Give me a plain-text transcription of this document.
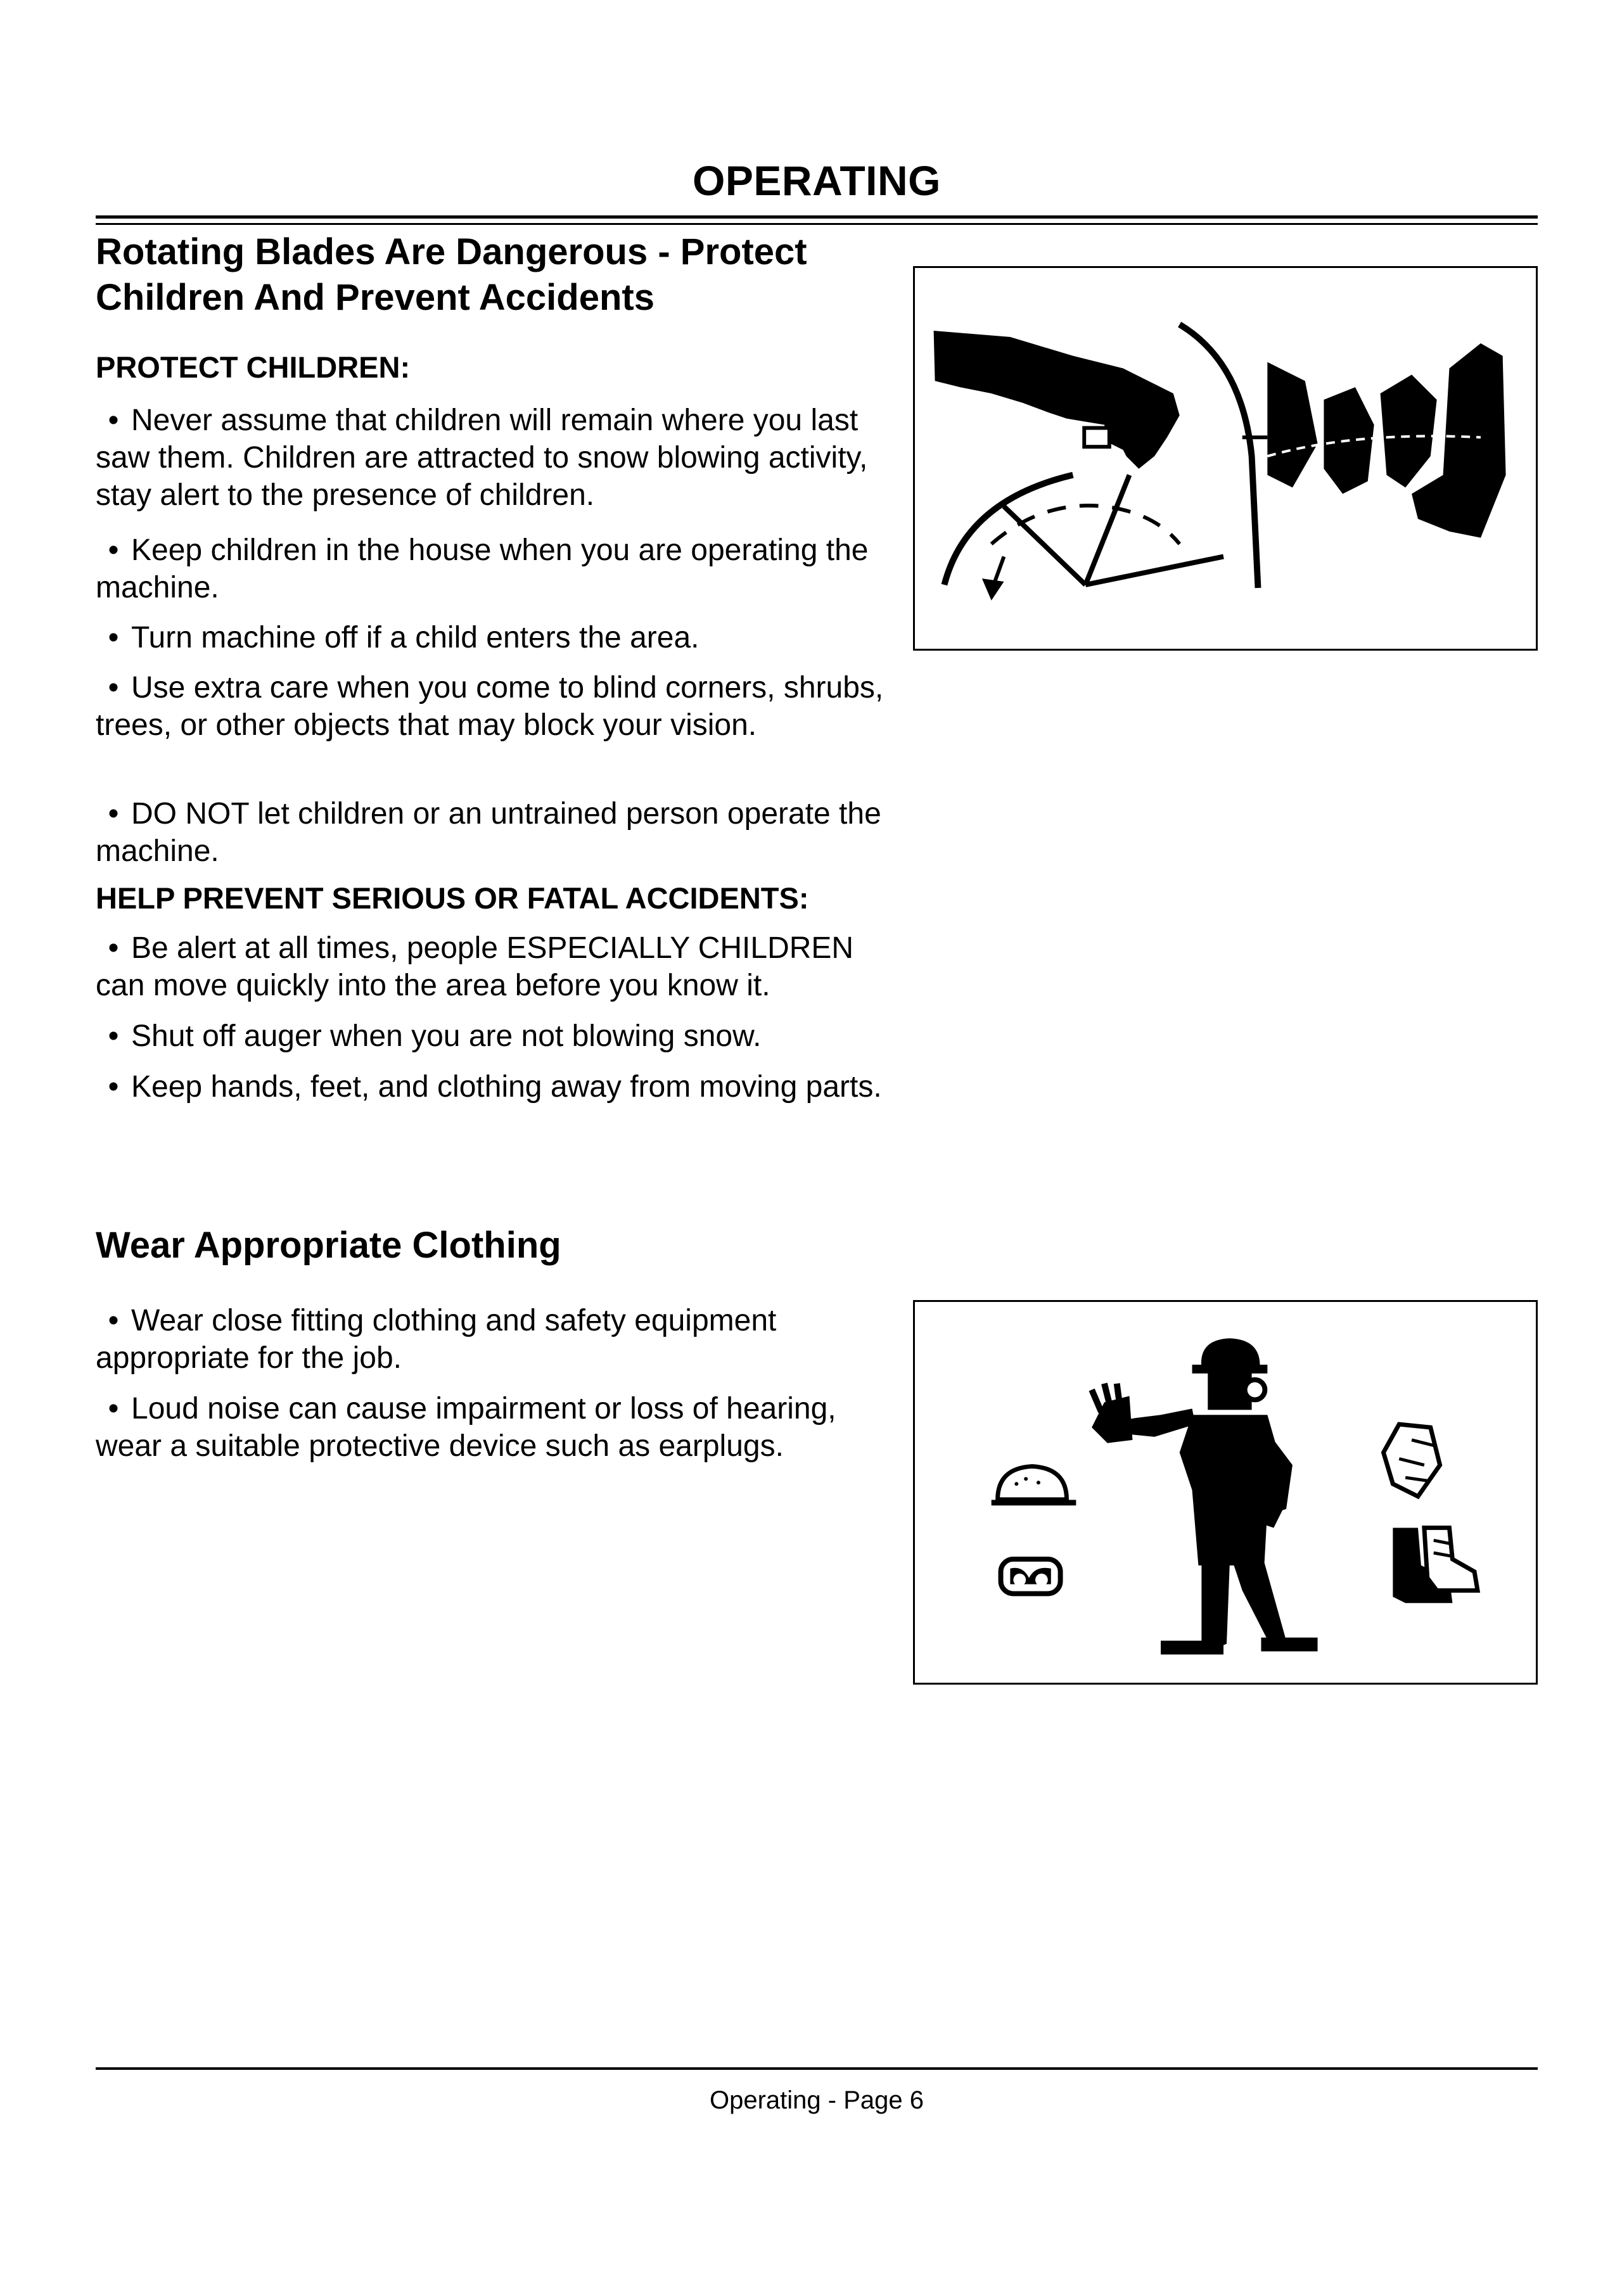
OPERATING

Rotating Blades Are Dangerous - Protect

Children And Prevent Accidents

PROTECT CHILDREN:

• Never assume that children will remain where you last saw them. Children are attracted to snow blowing activity, stay alert to the presence of children.

• Keep children in the house when you are operating the machine.

• Turn machine off if a child enters the area.

• Use extra care when you come to blind corners, shrubs, trees, or other objects that may block your vision.

• DO NOT let children or an untrained person operate the machine.

HELP PREVENT SERIOUS OR FATAL ACCIDENTS:

• Be alert at all times, people ESPECIALLY CHILDREN can move quickly into the area before you know it.

• Shut off auger when you are not blowing snow.

• Keep hands, feet, and clothing away from moving parts.

Wear Appropriate Clothing

• Wear close fitting clothing and safety equipment appropriate for the job.

• Loud noise can cause impairment or loss of hearing, wear a suitable protective device such as earplugs.

Operating - Page 6
